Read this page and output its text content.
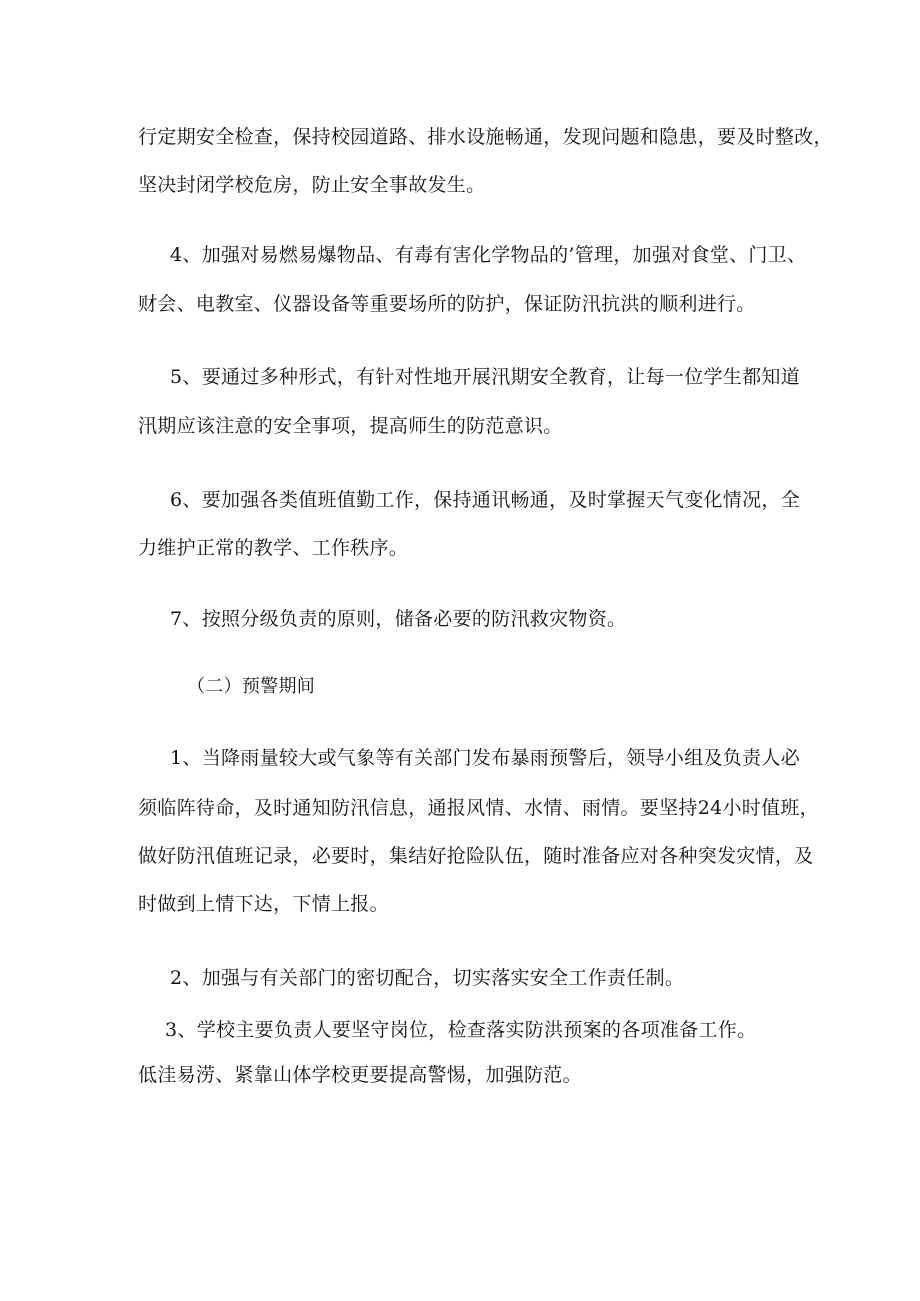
行定期安全检查，保持校园道路、排水设施畅通，发现问题和隐患，要及时整改，

坚决封闭学校危房，防止安全事故发生。

4、加强对易燃易爆物品、有毒有害化学物品的’管理，加强对食堂、门卫、

财会、电教室、仪器设备等重要场所的防护，保证防汛抗洪的顺利进行。

5、要通过多种形式，有针对性地开展汛期安全教育，让每一位学生都知道

汛期应该注意的安全事项，提高师生的防范意识。

6、要加强各类值班值勤工作，保持通讯畅通，及时掌握天气变化情况，全

力维护正常的教学、工作秩序。

7、按照分级负责的原则，储备必要的防汛救灾物资。

（二）预警期间

1、当降雨量较大或气象等有关部门发布暴雨预警后，领导小组及负责人必

须临阵待命，及时通知防汛信息，通报风情、水情、雨情。要坚持24小时值班，

做好防汛值班记录，必要时，集结好抢险队伍，随时准备应对各种突发灾情，及

时做到上情下达，下情上报。

2、加强与有关部门的密切配合，切实落实安全工作责任制。

3、学校主要负责人要坚守岗位，检查落实防洪预案的各项准备工作。

低洼易涝、紧靠山体学校更要提高警惕，加强防范。
